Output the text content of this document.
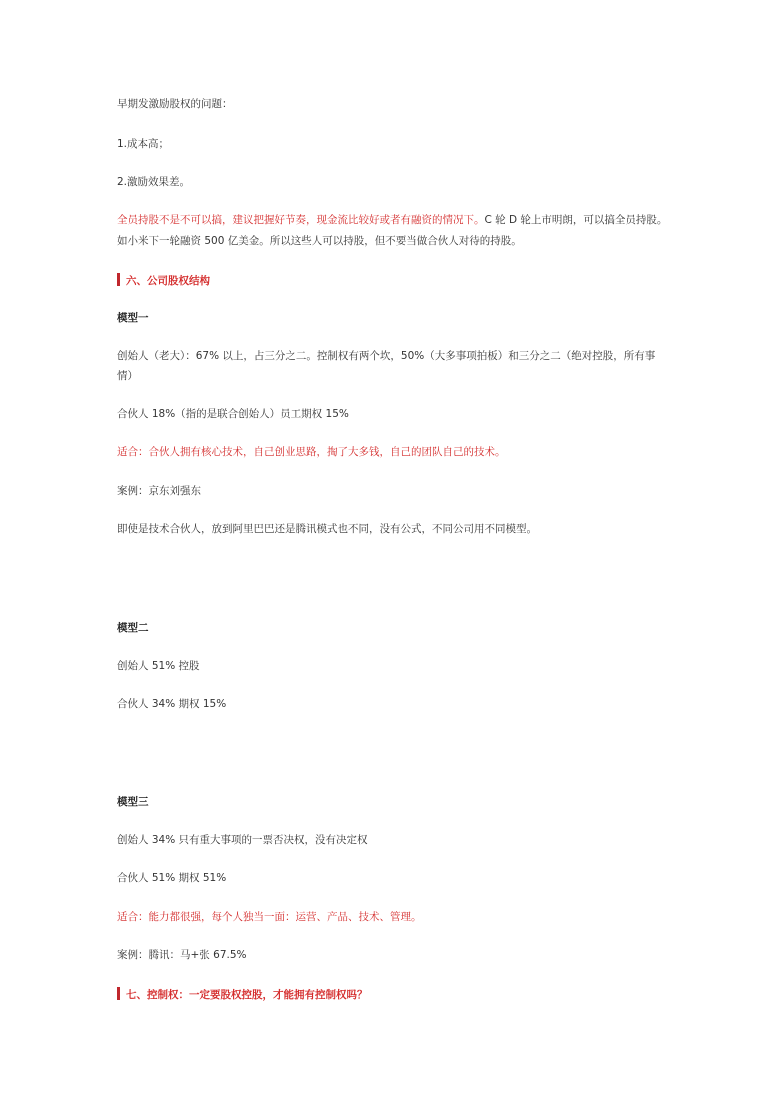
早期发激励股权的问题：
1.成本高；
2.激励效果差。
全员持股不是不可以搞，建议把握好节奏，现金流比较好或者有融资的情况下。C 轮 D 轮上市明朗，可以搞全员持股。
如小米下一轮融资 500 亿美金。所以这些人可以持股，但不要当做合伙人对待的持股。
六、公司股权结构
模型一
创始人（老大）：67% 以上，占三分之二。控制权有两个坎，50%（大多事项拍板）和三分之二（绝对控股，所有事
情）
合伙人 18%（指的是联合创始人）员工期权 15%
适合：合伙人拥有核心技术，自己创业思路，掏了大多钱，自己的团队自己的技术。
案例：京东刘强东
即使是技术合伙人，放到阿里巴巴还是腾讯模式也不同，没有公式，不同公司用不同模型。
模型二
创始人 51% 控股
合伙人 34% 期权 15%
模型三
创始人 34% 只有重大事项的一票否决权，没有决定权
合伙人 51% 期权 51%
适合：能力都很强，每个人独当一面：运营、产品、技术、管理。
案例：腾讯：马+张 67.5%
七、控制权：一定要股权控股，才能拥有控制权吗？
